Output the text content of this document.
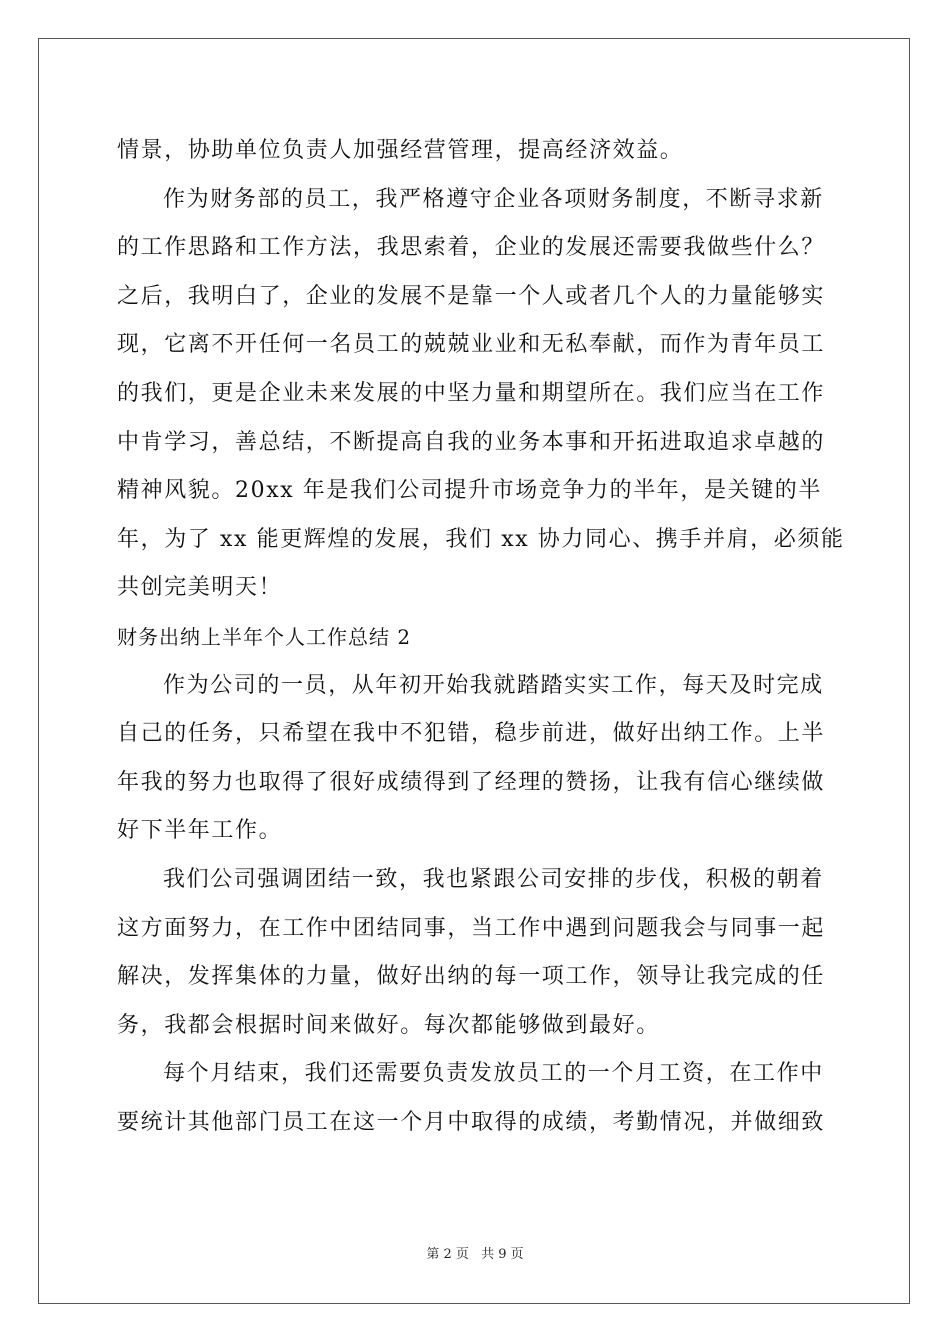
情景，协助单位负责人加强经营管理，提高经济效益。
作为财务部的员工，我严格遵守企业各项财务制度，不断寻求新
的工作思路和工作方法，我思索着，企业的发展还需要我做些什么？
之后，我明白了，企业的发展不是靠一个人或者几个人的力量能够实
现，它离不开任何一名员工的兢兢业业和无私奉献，而作为青年员工
的我们，更是企业未来发展的中坚力量和期望所在。我们应当在工作
中肯学习，善总结，不断提高自我的业务本事和开拓进取追求卓越的
精神风貌。20xx 年是我们公司提升市场竞争力的半年，是关键的半
年，为了 xx 能更辉煌的发展，我们 xx 协力同心、携手并肩，必须能
共创完美明天！
财务出纳上半年个人工作总结 2
作为公司的一员，从年初开始我就踏踏实实工作，每天及时完成
自己的任务，只希望在我中不犯错，稳步前进，做好出纳工作。上半
年我的努力也取得了很好成绩得到了经理的赞扬，让我有信心继续做
好下半年工作。
我们公司强调团结一致，我也紧跟公司安排的步伐，积极的朝着
这方面努力，在工作中团结同事，当工作中遇到问题我会与同事一起
解决，发挥集体的力量，做好出纳的每一项工作，领导让我完成的任
务，我都会根据时间来做好。每次都能够做到最好。
每个月结束，我们还需要负责发放员工的一个月工资，在工作中
要统计其他部门员工在这一个月中取得的成绩，考勤情况，并做细致
第 2 页 共 9 页
